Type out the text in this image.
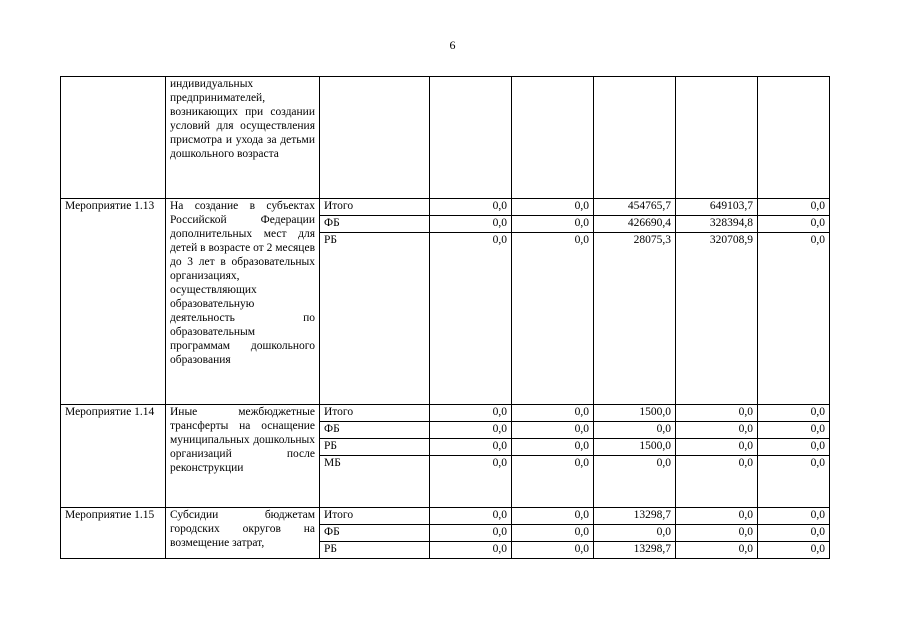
6

	индивидуальных предпринимателей, возникающих при создании условий для осуществления присмотра и ухода за детьми дошкольного возраста						

Мероприятие 1.13	На создание в субъектах Российской Федерации дополнительных мест для детей в возрасте от 2 месяцев до 3 лет в образовательных организациях, осуществляющих образовательную деятельность по образовательным программам дошкольного образования	Итого	0,0	0,0	454765,7	649103,7	0,0
		ФБ	0,0	0,0	426690,4	328394,8	0,0
		РБ	0,0	0,0	28075,3	320708,9	0,0
Мероприятие 1.14	Иные межбюджетные трансферты на оснащение муниципальных дошкольных организаций после реконструкции	Итого	0,0	0,0	1500,0	0,0	0,0
		ФБ	0,0	0,0	0,0	0,0	0,0
		РБ	0,0	0,0	1500,0	0,0	0,0
		МБ	0,0	0,0	0,0	0,0	0,0
Мероприятие 1.15	Субсидии бюджетам городских округов на возмещение затрат,	Итого	0,0	0,0	13298,7	0,0	0,0
		ФБ	0,0	0,0	0,0	0,0	0,0
		РБ	0,0	0,0	13298,7	0,0	0,0
